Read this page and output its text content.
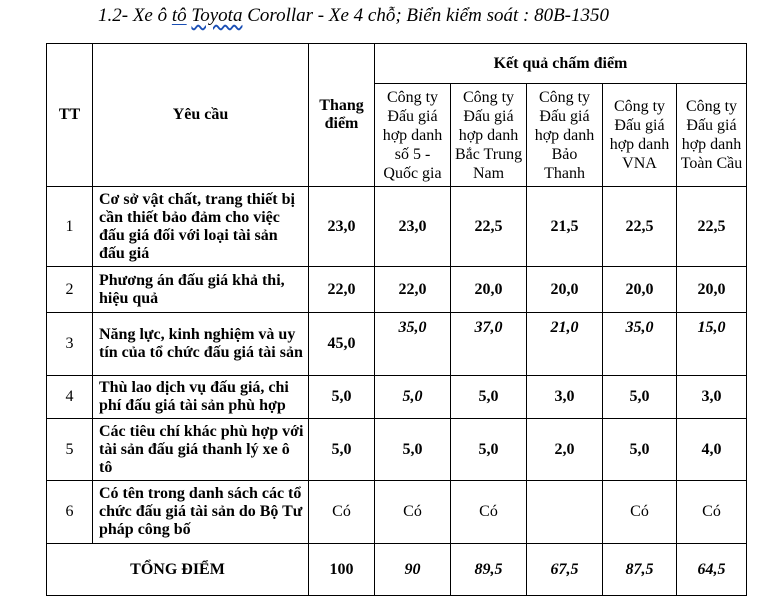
1.2- Xe ô tô Toyota Corollar - Xe 4 chỗ; Biển kiểm soát : 80B-1350
TT	Yêu cầu	Thang điểm	Kết quả chấm điểm				
			Công ty Đấu giá hợp danh số 5 - Quốc gia	Công ty Đấu giá hợp danh Bắc Trung Nam	Công ty Đấu giá hợp danh Bảo Thanh	Công ty Đấu giá hợp danh VNA	Công ty Đấu giá hợp danh Toàn Cầu
1	Cơ sở vật chất, trang thiết bị cần thiết bảo đảm cho việc đấu giá đối với loại tài sản đấu giá	23,0	23,0	22,5	21,5	22,5	22,5
2	Phương án đấu giá khả thi, hiệu quả	22,0	22,0	20,0	20,0	20,0	20,0
3	Năng lực, kinh nghiệm và uy tín của tổ chức đấu giá tài sản	45,0	35,0	37,0	21,0	35,0	15,0
4	Thù lao dịch vụ đấu giá, chi phí đấu giá tài sản phù hợp	5,0	5,0	5,0	3,0	5,0	3,0
5	Các tiêu chí khác phù hợp với tài sản đấu giá thanh lý xe ô tô	5,0	5,0	5,0	2,0	5,0	4,0
6	Có tên trong danh sách các tổ chức đấu giá tài sản do Bộ Tư pháp công bố	Có	Có	Có		Có	Có
TỔNG ĐIỂM		100	90	89,5	67,5	87,5	64,5
